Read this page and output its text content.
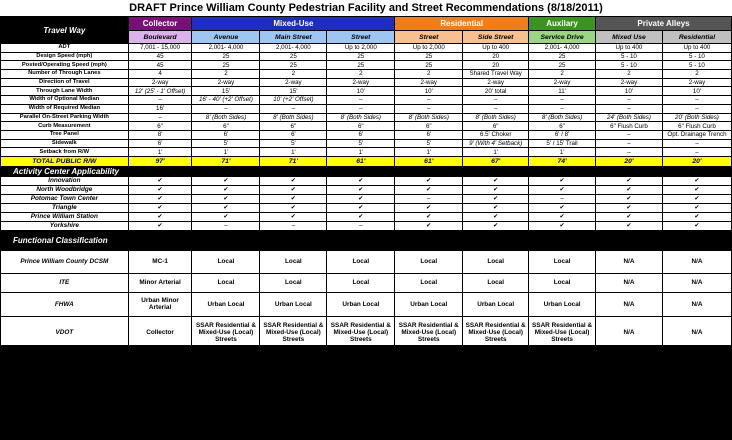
DRAFT Prince William County Pedestrian Facility and Street Recommendations (8/18/2011)
Travel Way	Collector	Mixed-Use			Residential		Auxilary	Private Alleys	
	Boulevard	Avenue	Main Street	Street	Street	Side Street	Service Drive	Mixed Use	Residential
ADT	7,001 - 15,000	2,001- 4,000	2,001- 4,000	Up to 2,000	Up to 2,000	Up to 400	2,001- 4,000	Up to 400	Up to 400
Design Speed (mph)	45	25	25	25	25	20	25	5 - 10	5 - 10
Posted/Operating Speed (mph)	45	25	25	25	25	20	25	5 - 10	5 - 10
Number of Through Lanes	4	2	2	2	2	Shared Travel Way	2	2	2
Direction of Travel	2-way	2-way	2-way	2-way	2-way	2-way	2-way	2-way	2-way
Through Lane Width	12' (25' - 1' Offset)	15'	15'	10'	10'	20' total	11'	10'	10'
Width of Optional Median	–	16' - 40' (+2' Offset)	10' (+2' Offset)	–	–	–	–	–	–
Width of Required Median	16'	–	–	–	–	–	–	–	–
Parallel On-Street Parking Width	–	8' (Both Sides)	8' (Both Sides)	8' (Both Sides)	8' (Both Sides)	8' (Both Sides)	8' (Both Sides)	24' (Both Sides)	20' (Both Sides)
Curb Measurement	6"	6"	6"	6"	6"	6"	6"	6" Flush Curb	6" Flush Curb
Tree Panel	8'	6'	6'	6'	6'	6.5' Choker	6' / 8'	–	Opt. Drainage Trench
Sidewalk	6'	5'	5'	5'	5'	9' (With 4' Setback)	5' / 15' Trail	–	–
Setback from R/W	1'	1'	1'	1'	1'	1'	1'	–	–
TOTAL PUBLIC R/W	97'	71'	71'	61'	61'	67'	74'	20'	20'
Activity Center Applicability									
Innovation	✔	✔	✔	✔	✔	✔	✔	✔	✔
North Woodbridge	✔	✔	✔	✔	✔	✔	✔	✔	✔
Potomac Town Center	✔	✔	✔	✔	–	✔	–	✔	✔
Triangle	✔	✔	✔	✔	✔	✔	✔	✔	✔
Prince William Station	✔	✔	✔	✔	✔	✔	✔	✔	✔
Yorkshire	✔	–	–	–	✔	✔	✔	✔	✔
Functional Classification									
Prince William County DCSM	MC-1	Local	Local	Local	Local	Local	Local	N/A	N/A
ITE	Minor Arterial	Local	Local	Local	Local	Local	Local	N/A	N/A
FHWA	Urban Minor Arterial	Urban Local	Urban Local	Urban Local	Urban Local	Urban Local	Urban Local	N/A	N/A
VDOT	Collector	SSAR Residential & Mixed-Use (Local) Streets	SSAR Residential & Mixed-Use (Local) Streets	SSAR Residential & Mixed-Use (Local) Streets	SSAR Residential & Mixed-Use (Local) Streets	SSAR Residential & Mixed-Use (Local) Streets	SSAR Residential & Mixed-Use (Local) Streets	N/A	N/A
